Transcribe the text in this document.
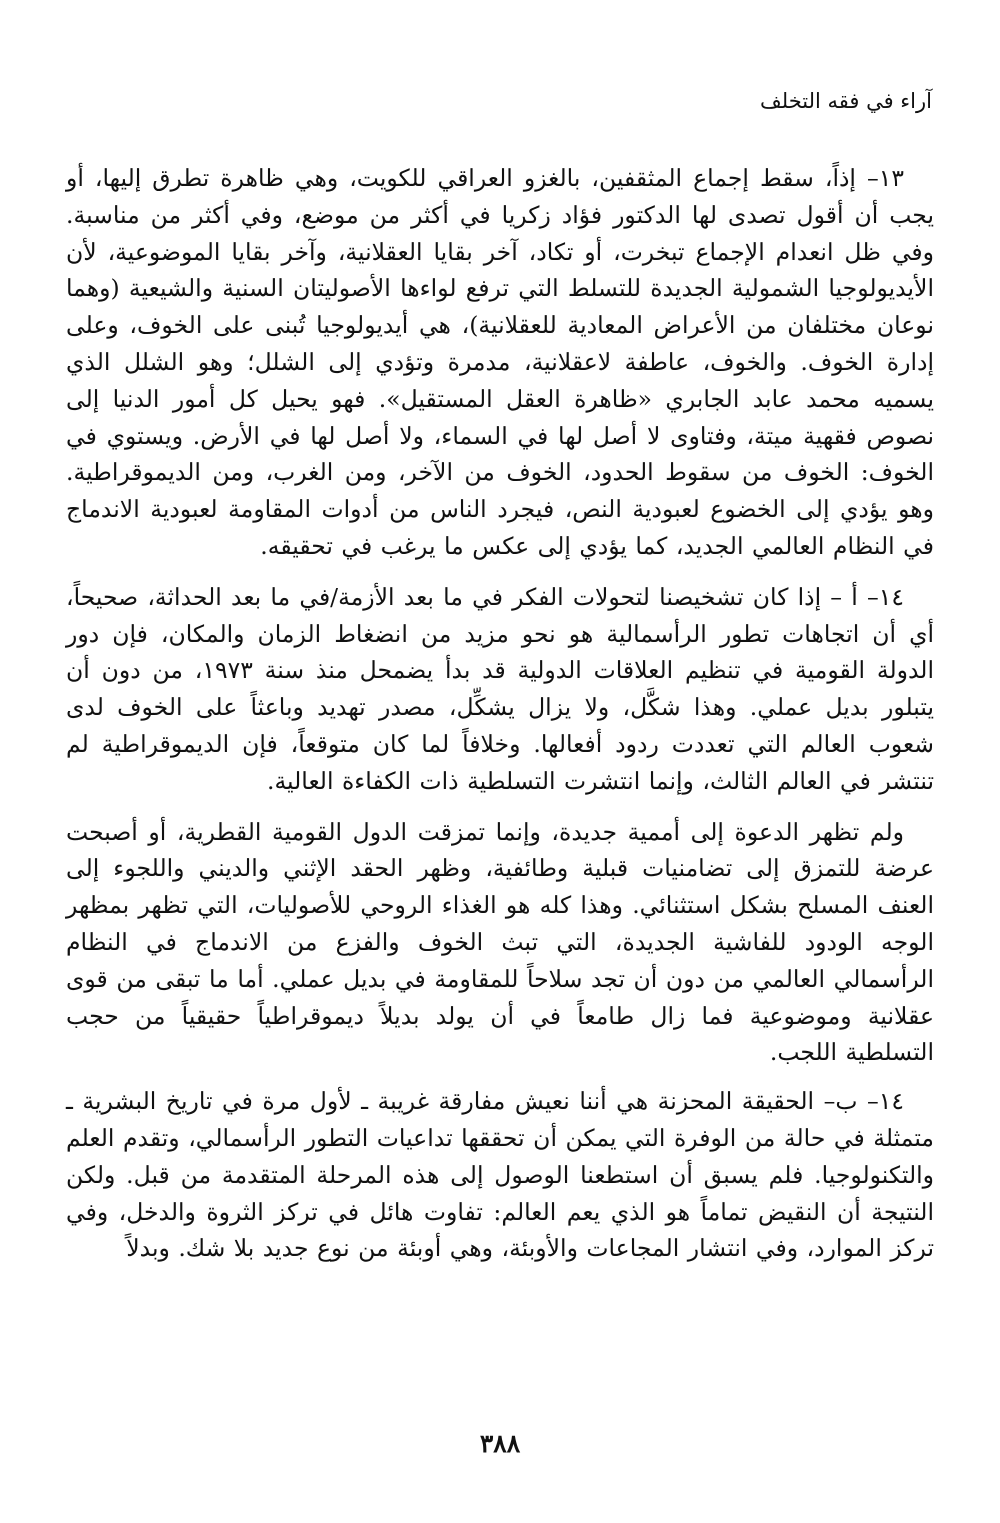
آراء في فقه التخلف

١٣– إذاً، سقط إجماع المثقفين، بالغزو العراقي للكويت، وهي ظاهرة تطرق إليها، أو يجب أن أقول تصدى لها الدكتور فؤاد زكريا في أكثر من موضع، وفي أكثر من مناسبة. وفي ظل انعدام الإجماع تبخرت، أو تكاد، آخر بقايا العقلانية، وآخر بقايا الموضوعية، لأن الأيديولوجيا الشمولية الجديدة للتسلط التي ترفع لواءها الأصوليتان السنية والشيعية (وهما نوعان مختلفان من الأعراض المعادية للعقلانية)، هي أيديولوجيا تُبنى على الخوف، وعلى إدارة الخوف. والخوف، عاطفة لاعقلانية، مدمرة وتؤدي إلى الشلل؛ وهو الشلل الذي يسميه محمد عابد الجابري «ظاهرة العقل المستقيل». فهو يحيل كل أمور الدنيا إلى نصوص فقهية ميتة، وفتاوى لا أصل لها في السماء، ولا أصل لها في الأرض. ويستوي في الخوف: الخوف من سقوط الحدود، الخوف من الآخر، ومن الغرب، ومن الديموقراطية. وهو يؤدي إلى الخضوع لعبودية النص، فيجرد الناس من أدوات المقاومة لعبودية الاندماج في النظام العالمي الجديد، كما يؤدي إلى عكس ما يرغب في تحقيقه.

١٤– أ – إذا كان تشخيصنا لتحولات الفكر في ما بعد الأزمة/في ما بعد الحداثة، صحيحاً، أي أن اتجاهات تطور الرأسمالية هو نحو مزيد من انضغاط الزمان والمكان، فإن دور الدولة القومية في تنظيم العلاقات الدولية قد بدأ يضمحل منذ سنة ١٩٧٣، من دون أن يتبلور بديل عملي. وهذا شكَّل، ولا يزال يشكِّل، مصدر تهديد وباعثاً على الخوف لدى شعوب العالم التي تعددت ردود أفعالها. وخلافاً لما كان متوقعاً، فإن الديموقراطية لم تنتشر في العالم الثالث، وإنما انتشرت التسلطية ذات الكفاءة العالية.

ولم تظهر الدعوة إلى أممية جديدة، وإنما تمزقت الدول القومية القطرية، أو أصبحت عرضة للتمزق إلى تضامنيات قبلية وطائفية، وظهر الحقد الإثني والديني واللجوء إلى العنف المسلح بشكل استثنائي. وهذا كله هو الغذاء الروحي للأصوليات، التي تظهر بمظهر الوجه الودود للفاشية الجديدة، التي تبث الخوف والفزع من الاندماج في النظام الرأسمالي العالمي من دون أن تجد سلاحاً للمقاومة في بديل عملي. أما ما تبقى من قوى عقلانية وموضوعية فما زال طامعاً في أن يولد بديلاً ديموقراطياً حقيقياً من حجب التسلطية اللجب.

١٤– ب– الحقيقة المحزنة هي أننا نعيش مفارقة غريبة ـ لأول مرة في تاريخ البشرية ـ متمثلة في حالة من الوفرة التي يمكن أن تحققها تداعيات التطور الرأسمالي، وتقدم العلم والتكنولوجيا. فلم يسبق أن استطعنا الوصول إلى هذه المرحلة المتقدمة من قبل. ولكن النتيجة أن النقيض تماماً هو الذي يعم العالم: تفاوت هائل في تركز الثروة والدخل، وفي تركز الموارد، وفي انتشار المجاعات والأوبئة، وهي أوبئة من نوع جديد بلا شك. وبدلاً

٣٨٨
